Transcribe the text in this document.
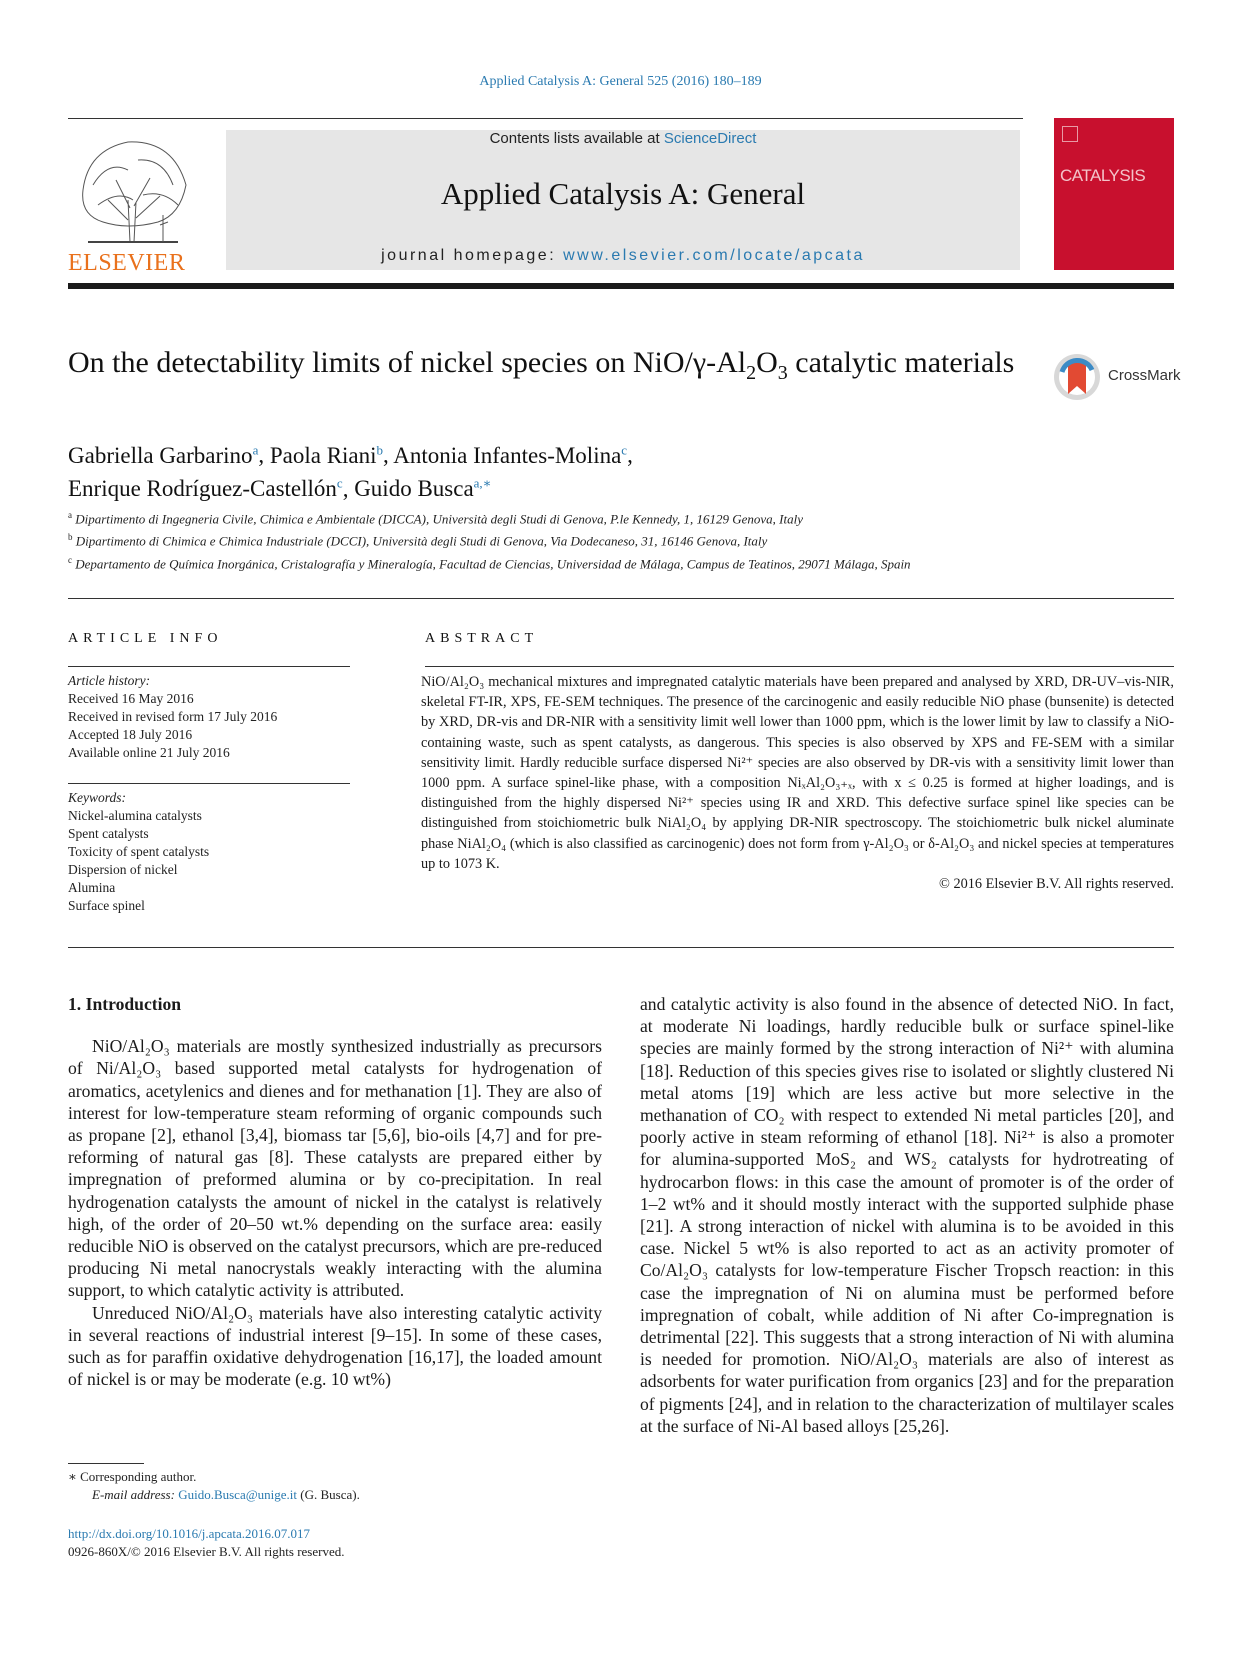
Applied Catalysis A: General 525 (2016) 180–189
ELSEVIER
Contents lists available at ScienceDirect
Applied Catalysis A: General
journal homepage: www.elsevier.com/locate/apcata
CATALYSIS
On the detectability limits of nickel species on NiO/$\gamma-Al_2O_3$ catalytic materials	CrossMark
Gabriella Garbarino$^a$, Paola Riani$^b$, Antonia Infantes-Molina$^c$,
Enrique Rodríguez-Castellón$^c$, Guido Busca$^{a,∗}$
$^a$ Dipartimento di Ingegneria Civile, Chimica e Ambientale (DICCA), Università degli Studi di Genova, P.le Kennedy, 1, 16129 Genova, Italy
$^b$ Dipartimento di Chimica e Chimica Industriale (DCCI), Università degli Studi di Genova, Via Dodecaneso, 31, 16146 Genova, Italy
$^c$ Departamento de Química Inorgánica, Cristalografía y Mineralogía, Facultad de Ciencias, Universidad de Málaga, Campus de Teatinos, 29071 Málaga, Spain
ARTICLE INFO
Article history:
Received 16 May 2016
Received in revised form 17 July 2016
Accepted 18 July 2016
Available online 21 July 2016
Keywords:
Nickel-alumina catalysts
Spent catalysts
Toxicity of spent catalysts
Dispersion of nickel
Alumina
Surface spinel
ABSTRACT
NiO/Al₂O₃ mechanical mixtures and impregnated catalytic materials have been prepared and analysed by XRD, DR-UV–vis-NIR, skeletal FT-IR, XPS, FE-SEM techniques. The presence of the carcinogenic and easily reducible NiO phase (bunsenite) is detected by XRD, DR-vis and DR-NIR with a sensitivity limit well lower than 1000 ppm, which is the lower limit by law to classify a NiO-containing waste, such as spent catalysts, as dangerous. This species is also observed by XPS and FE-SEM with a similar sensitivity limit. Hardly reducible surface dispersed Ni²⁺ species are also observed by DR-vis with a sensitivity limit lower than 1000 ppm. A surface spinel-like phase, with a composition NiₓAl₂O₃₊ₓ, with x ≤ 0.25 is formed at higher loadings, and is distinguished from the highly dispersed Ni²⁺ species using IR and XRD. This defective surface spinel like species can be distinguished from stoichiometric bulk NiAl₂O₄ by applying DR-NIR spectroscopy. The stoichiometric bulk nickel aluminate phase NiAl₂O₄ (which is also classified as carcinogenic) does not form from γ-Al₂O₃ or δ-Al₂O₃ and nickel species at temperatures up to 1073 K.
© 2016 Elsevier B.V. All rights reserved.
1. Introduction
NiO/Al₂O₃ materials are mostly synthesized industrially as precursors of Ni/Al₂O₃ based supported metal catalysts for hydrogenation of aromatics, acetylenics and dienes and for methanation [1]. They are also of interest for low-temperature steam reforming of organic compounds such as propane [2], ethanol [3,4], biomass tar [5,6], bio-oils [4,7] and for pre-reforming of natural gas [8]. These catalysts are prepared either by impregnation of preformed alumina or by co-precipitation. In real hydrogenation catalysts the amount of nickel in the catalyst is relatively high, of the order of 20–50 wt.% depending on the surface area: easily reducible NiO is observed on the catalyst precursors, which are pre-reduced producing Ni metal nanocrystals weakly interacting with the alumina support, to which catalytic activity is attributed.
Unreduced NiO/Al₂O₃ materials have also interesting catalytic activity in several reactions of industrial interest [9–15]. In some of these cases, such as for paraffin oxidative dehydrogenation [16,17], the loaded amount of nickel is or may be moderate (e.g. 10 wt%)
and catalytic activity is also found in the absence of detected NiO. In fact, at moderate Ni loadings, hardly reducible bulk or surface spinel-like species are mainly formed by the strong interaction of Ni²⁺ with alumina [18]. Reduction of this species gives rise to isolated or slightly clustered Ni metal atoms [19] which are less active but more selective in the methanation of CO₂ with respect to extended Ni metal particles [20], and poorly active in steam reforming of ethanol [18]. Ni²⁺ is also a promoter for alumina-supported MoS₂ and WS₂ catalysts for hydrotreating of hydrocarbon flows: in this case the amount of promoter is of the order of 1–2 wt% and it should mostly interact with the supported sulphide phase [21]. A strong interaction of nickel with alumina is to be avoided in this case. Nickel 5 wt% is also reported to act as an activity promoter of Co/Al₂O₃ catalysts for low-temperature Fischer Tropsch reaction: in this case the impregnation of Ni on alumina must be performed before impregnation of cobalt, while addition of Ni after Co-impregnation is detrimental [22]. This suggests that a strong interaction of Ni with alumina is needed for promotion. NiO/Al₂O₃ materials are also of interest as adsorbents for water purification from organics [23] and for the preparation of pigments [24], and in relation to the characterization of multilayer scales at the surface of Ni-Al based alloys [25,26].
∗ Corresponding author.
E-mail address: Guido.Busca@unige.it (G. Busca).
http://dx.doi.org/10.1016/j.apcata.2016.07.017
0926-860X/© 2016 Elsevier B.V. All rights reserved.
